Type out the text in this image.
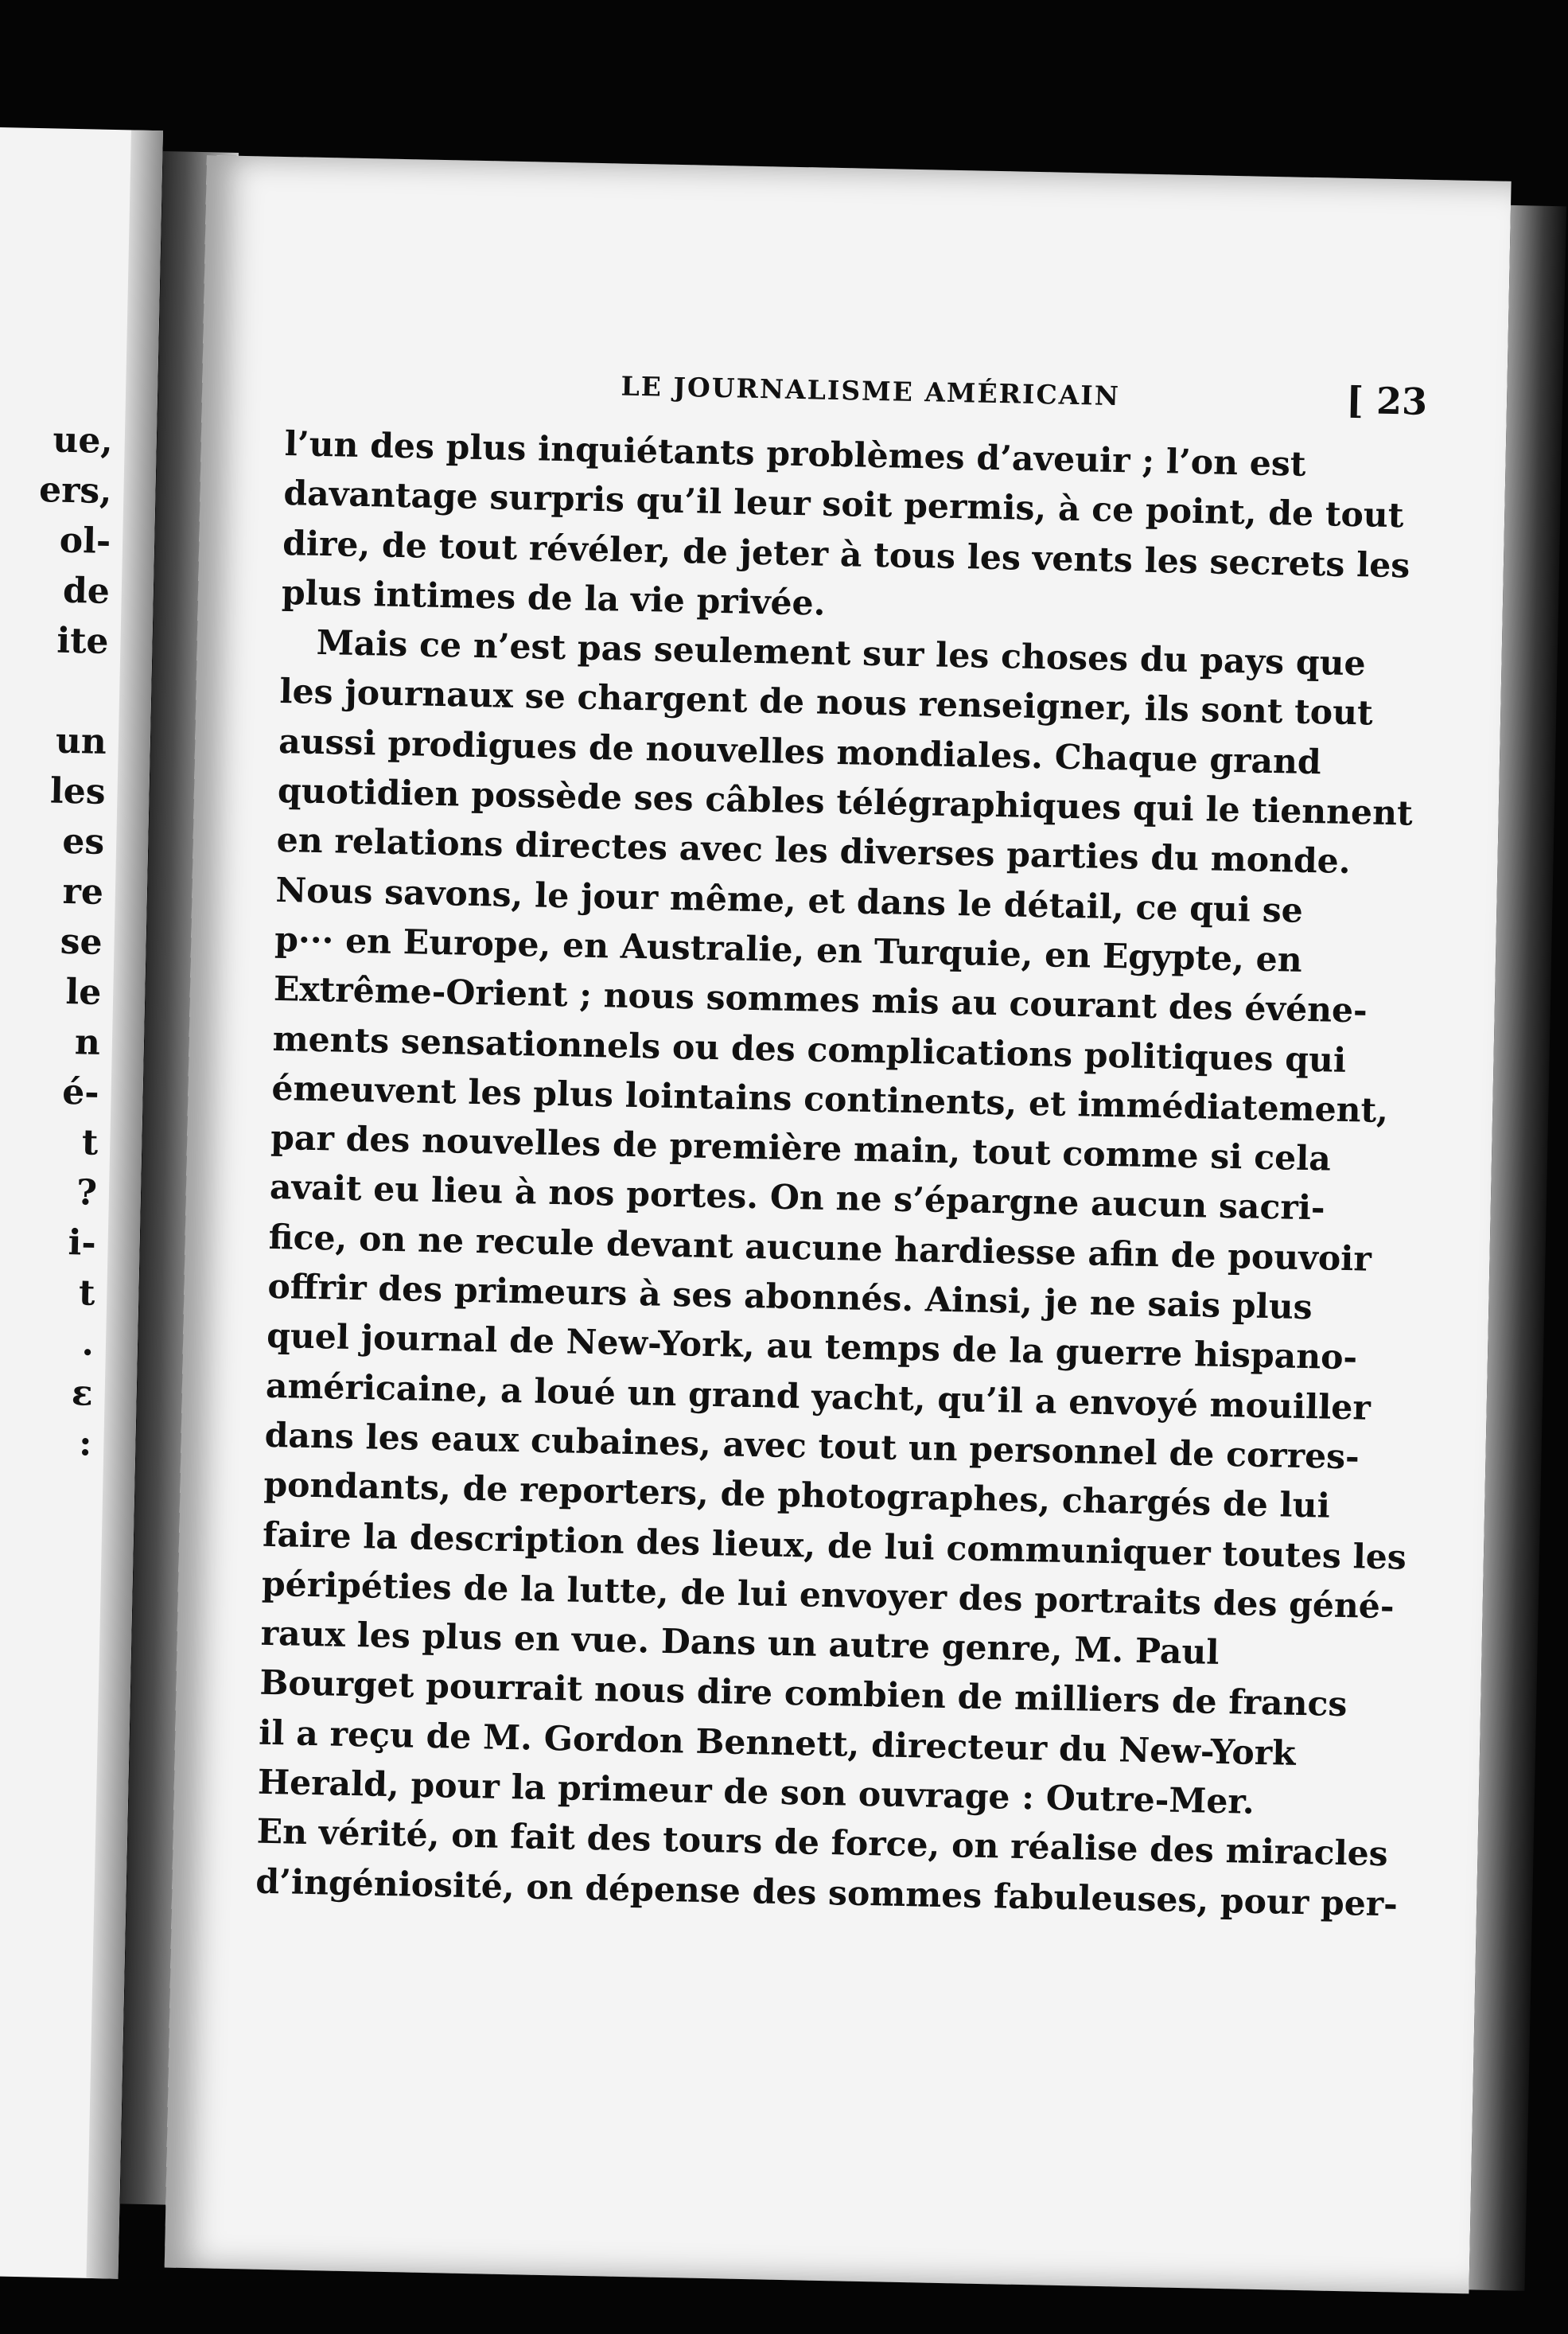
ue,
ers,
ol-
de
ite

un
les
es
re
se
le
n
é-
t
?
i-
t
.
ε
:
LE JOURNALISME AMÉRICAIN	[ 23
l’un des plus inquiétants problèmes d’aveuir ; l’on est
davantage surpris qu’il leur soit permis, à ce point, de tout
dire, de tout révéler, de jeter à tous les vents les secrets les
plus intimes de la vie privée.
Mais ce n’est pas seulement sur les choses du pays que
les journaux se chargent de nous renseigner, ils sont tout
aussi prodigues de nouvelles mondiales. Chaque grand
quotidien possède ses câbles télégraphiques qui le tiennent
en relations directes avec les diverses parties du monde.
Nous savons, le jour même, et dans le détail, ce qui se
p··· en Europe, en Australie, en Turquie, en Egypte, en
Extrême-Orient ; nous sommes mis au courant des événe-
ments sensationnels ou des complications politiques qui
émeuvent les plus lointains continents, et immédiatement,
par des nouvelles de première main, tout comme si cela
avait eu lieu à nos portes. On ne s’épargne aucun sacri-
fice, on ne recule devant aucune hardiesse afin de pouvoir
offrir des primeurs à ses abonnés. Ainsi, je ne sais plus
quel journal de New-York, au temps de la guerre hispano-
américaine, a loué un grand yacht, qu’il a envoyé mouiller
dans les eaux cubaines, avec tout un personnel de corres-
pondants, de reporters, de photographes, chargés de lui
faire la description des lieux, de lui communiquer toutes les
péripéties de la lutte, de lui envoyer des portraits des géné-
raux les plus en vue. Dans un autre genre, M. Paul
Bourget pourrait nous dire combien de milliers de francs
il a reçu de M. Gordon Bennett, directeur du New-York
Herald, pour la primeur de son ouvrage : Outre-Mer.
En vérité, on fait des tours de force, on réalise des miracles
d’ingéniosité, on dépense des sommes fabuleuses, pour per-
